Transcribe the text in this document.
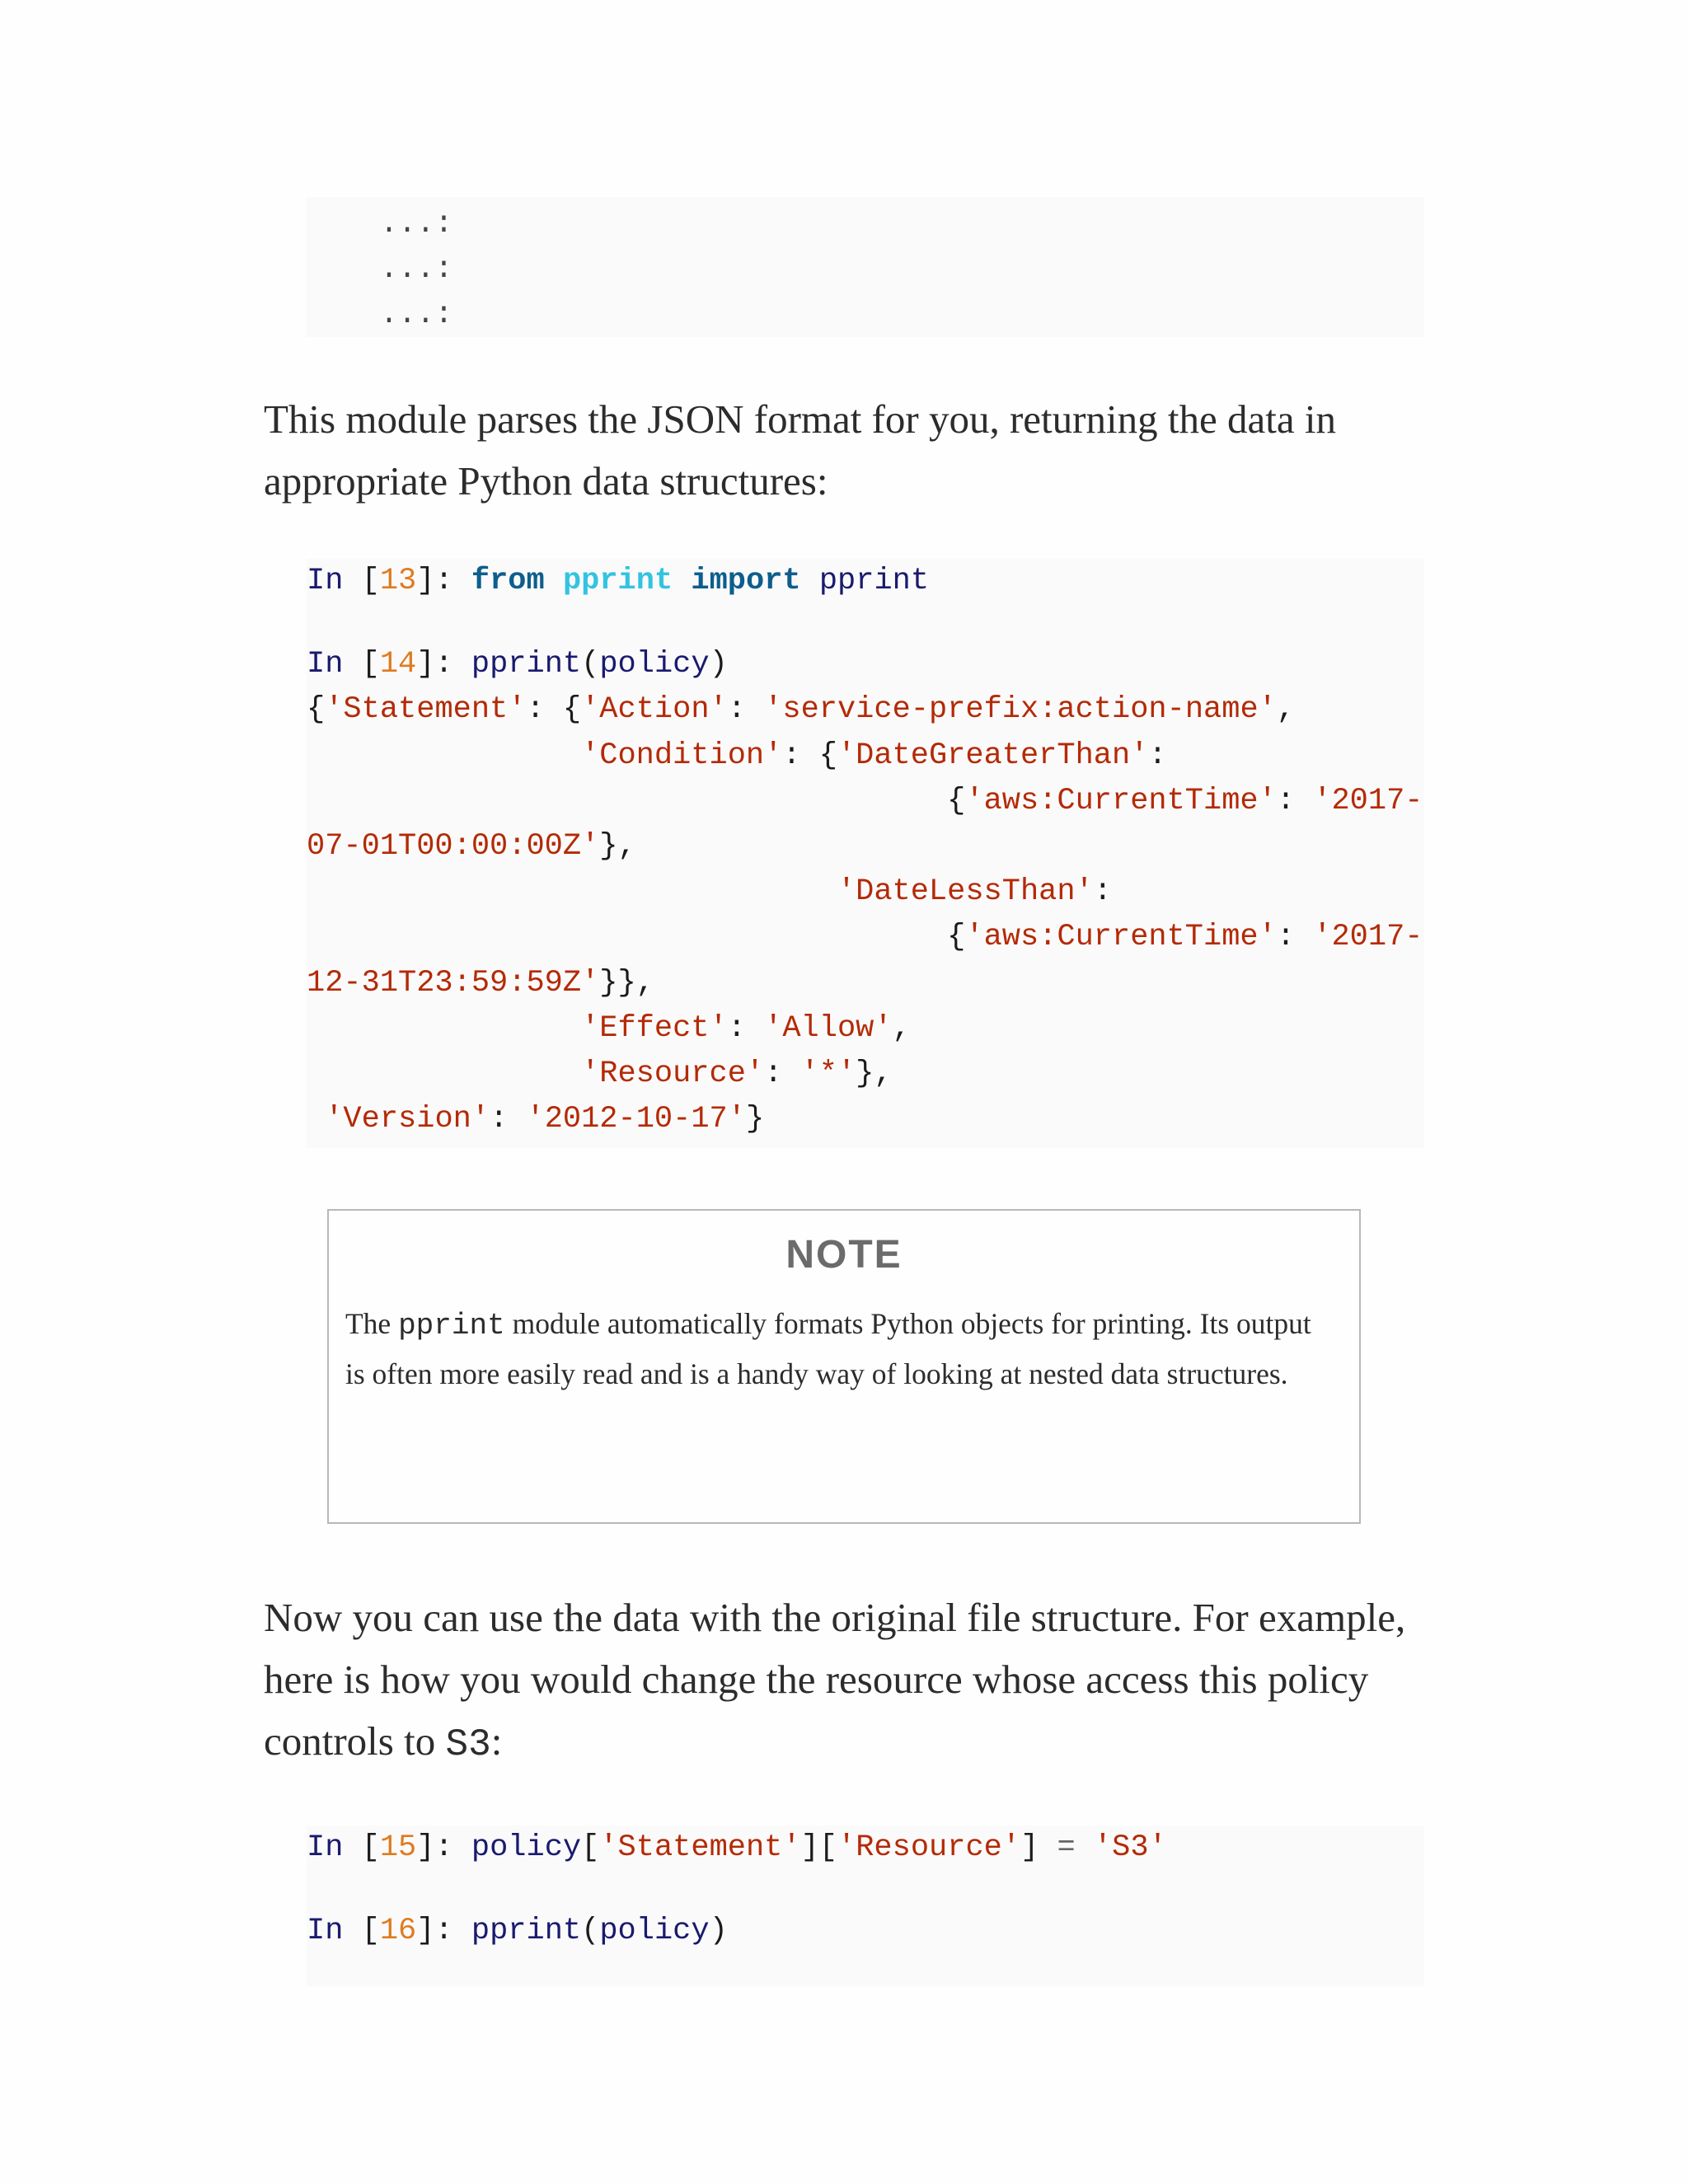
...:
...:
...:

This module parses the JSON format for you, returning the data in appropriate Python data structures:

In [13]: from pprint import pprint
In [14]: pprint(policy)
{'Statement': {'Action': 'service-prefix:action-name',
'Condition': {'DateGreaterThan':
{'aws:CurrentTime': '2017-
07-01T00:00:00Z'},
'DateLessThan':
{'aws:CurrentTime': '2017-
12-31T23:59:59Z'}},
'Effect': 'Allow',
'Resource': '*'},
'Version': '2012-10-17'}
NOTE
The pprint module automatically formats Python objects for printing. Its output is often more easily read and is a handy way of looking at nested data structures.

Now you can use the data with the original file structure. For example, here is how you would change the resource whose access this policy controls to S3:

In [15]: policy['Statement']['Resource'] = 'S3'
In [16]: pprint(policy)
